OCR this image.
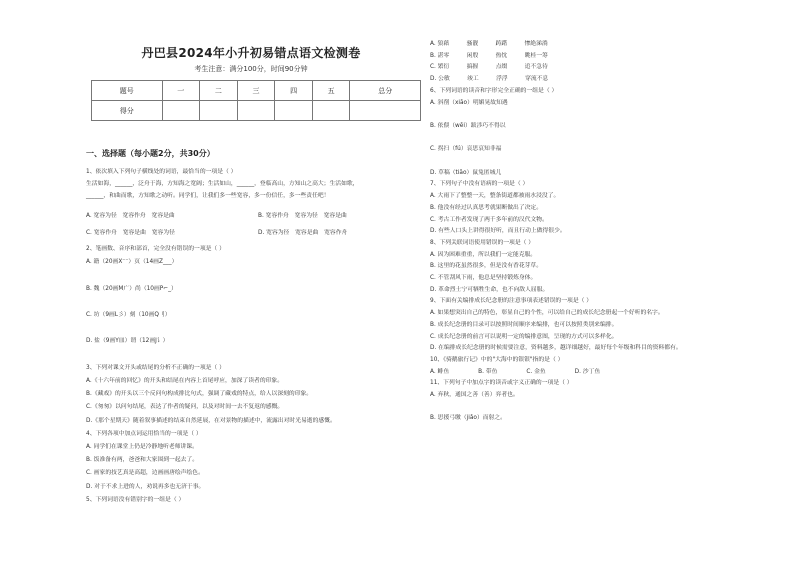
丹巴县2024年小升初易错点语文检测卷
考生注意：满分100分，时间90分钟
题号	一	二	三	四	五	总分
得分						
一、选择题（每小题2分，共30分）
1、依次填入下列句子横线处的词语，最恰当的一项是（ ）
生活如海，______，泛舟于海，方知海之宽阔；生活如山，______，登临高山，方知山之高大；生活如歌，
______，和曲而歌，方知歌之动听。同学们，让我们多一些宽容，多一份信任，多一些责任吧！
2、笔画数、音序和部首，完全没有错误的一项是（ ）
A. 籍（20画X⁻⁻）页（14画Z___）
B. 魏（20画M广）尚（10画P⌐_）
C. 坊（9画L彡）刻（10画Q刂）
D. 盐（9画Y皿）谓（12画J讠）
3、下列对课文开头或结尾的分析不正确的一项是（ ）
A.《十六年前的回忆》的开头和结尾在内容上首尾呼应，加深了读者的印象。
B.《藏戏》的开头以三个反问句构成排比句式，强调了藏戏的特点，给人以深刻的印象。
C.《匆匆》以问句结尾，表达了作者的疑问，以及对时间一去不复返的感慨。
D.《那个星期天》随着叙事描述的结束自然延展，在对景物的描述中，流露出对时光易逝的感慨。
4、下列各项中加点词运用恰当的一项是（ ）
A. 同学们在课堂上仍是冷静地听老师讲课。
B. 饭准备有两，爸爸和大家围到一起去了。
C. 画家的技艺真是高超，边画画唐绘声绘色。
D. 对于不求上进的人，劝说再多也无济于事。
5、下列词语没有错别字的一组是（ ）
A. 宽容为径　宽容作舟　宽容是曲	B. 宽容作舟　宽容为径　宽容是曲
C. 宽容作舟　宽容是曲　宽容为径	D. 宽容为径　宽容是曲　宽容作舟
A. 狼藉　　　骚靓　　　踌躇　　　惨絶涕淌
B. 湛零　　　闲殷　　　热忱　　　眺桂一筹
C. 繁衍　　　搞握　　　点缀　　　追不急待
D. 公敏　　　竣工　　　浮浮　　　穿流不息
6、下列词语的读音和字形完全正确的一组是（ ）
A. 斜削（xiāo）明媚晃故知遇
B. 依偎（wēi）跋涉巧不得以
C. 拐扫（fú）哀思哀知非福
D. 草稿（tiāo）鼠兔匿城儿
7、下列句子中没有语病的一项是（ ）
A. 大雨下了整整一天，整条街道都被雨水浸没了。
B. 他没有经过认真思考就果断做出了决定。
C. 考古工作者发现了两千多年前的汉代文物。
D. 有些人口头上讲得很好听，而且行动上做得很少。
8、下列关联词语使用错误的一项是（ ）
A. 因为困难重重，所以我们一定能克服。
B. 这里的花虽然很多，但是没有香花芽草。
C. 不管刮风下雨，他总是坚持锻炼身体。
D. 革命烈士宁可牺牲生命，也不向敌人屈服。
9、下面有关编排成长纪念册的注意事项表述错误的一项是（ ）
A. 如果想突出自己的特色，彰显自己的个性，可以给自己的成长纪念册起一个好听的名字。
B. 成长纪念册的目录可以按照时间顺序来编排，也可以按照类别来编排。
C. 成长纪念册的前言可以说明一定的编排意图，呈现的方式可以多样化。
D. 在编排成长纪念册的时候需要注意，资料越多，越详细越好，最好每个年级和科目的资料都有。
10、《骑鹅旅行记》中的"大海中的银银"指的是（ ）
A. 鲱鱼　　　　　B. 带鱼　　　　　C. 金鱼　　　　　D. 沙丁鱼
11、下列句子中加点字的读音或字义正确的一项是（ ）
A. 弃秋，通国之善（善）弈者也。
B. 思援弓缴（jiǎo）而射之。
